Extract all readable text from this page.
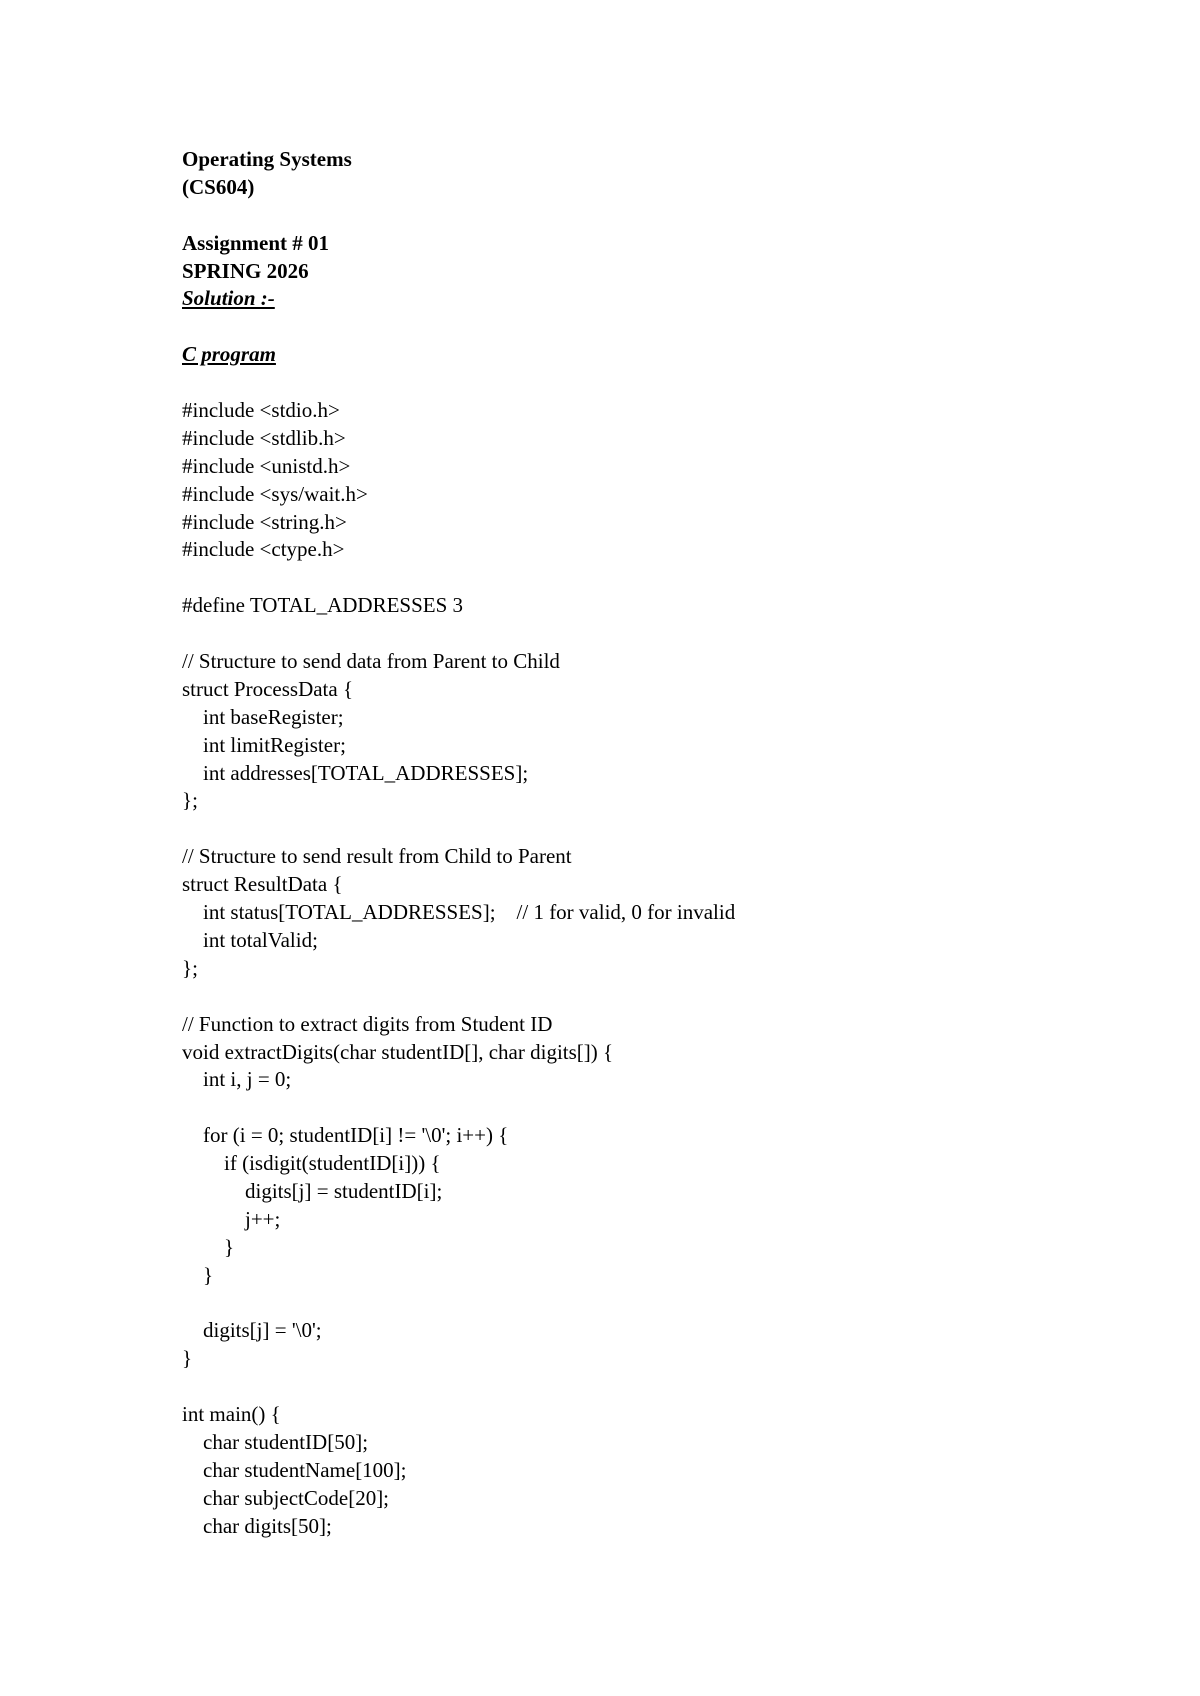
Operating Systems
(CS604)
Assignment # 01
SPRING 2026
Solution :-
C program
#include <stdio.h>
#include <stdlib.h>
#include <unistd.h>
#include <sys/wait.h>
#include <string.h>
#include <ctype.h>
#define TOTAL_ADDRESSES 3
// Structure to send data from Parent to Child
struct ProcessData {
int baseRegister;
int limitRegister;
int addresses[TOTAL_ADDRESSES];
};
// Structure to send result from Child to Parent
struct ResultData {
int status[TOTAL_ADDRESSES];    // 1 for valid, 0 for invalid
int totalValid;
};
// Function to extract digits from Student ID
void extractDigits(char studentID[], char digits[]) {
int i, j = 0;
for (i = 0; studentID[i] != '\0'; i++) {
if (isdigit(studentID[i])) {
digits[j] = studentID[i];
j++;
}
}
digits[j] = '\0';
}
int main() {
char studentID[50];
char studentName[100];
char subjectCode[20];
char digits[50];
